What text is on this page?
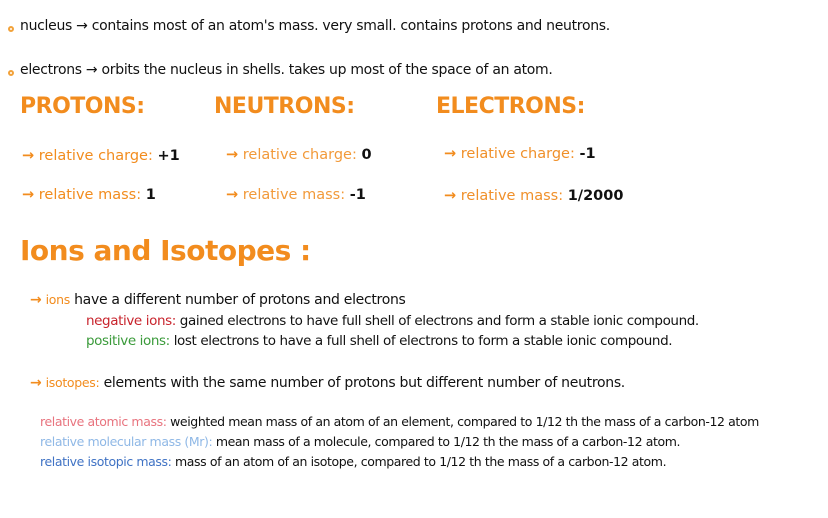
nucleus → contains most of an atom's mass. very small. contains protons and neutrons.
electrons → orbits the nucleus in shells. takes up most of the space of an atom.
PROTONS:	NEUTRONS:	ELECTRONS:
→ relative charge: +1
→ relative mass: 1
→ relative charge: 0
→ relative mass: -1
→ relative charge: -1
→ relative mass: 1/2000
Ions and Isotopes :
→ ions have a different number of protons and electrons
negative ions: gained electrons to have full shell of electrons and form a stable ionic compound.
positive ions: lost electrons to have a full shell of electrons to form a stable ionic compound.
→ isotopes: elements with the same number of protons but different number of neutrons.
relative atomic mass: weighted mean mass of an atom of an element, compared to 1/12 th the mass of a carbon-12 atom
relative molecular mass (Mr): mean mass of a molecule, compared to 1/12 th the mass of a carbon-12 atom.
relative isotopic mass: mass of an atom of an isotope, compared to 1/12 th the mass of a carbon-12 atom.
